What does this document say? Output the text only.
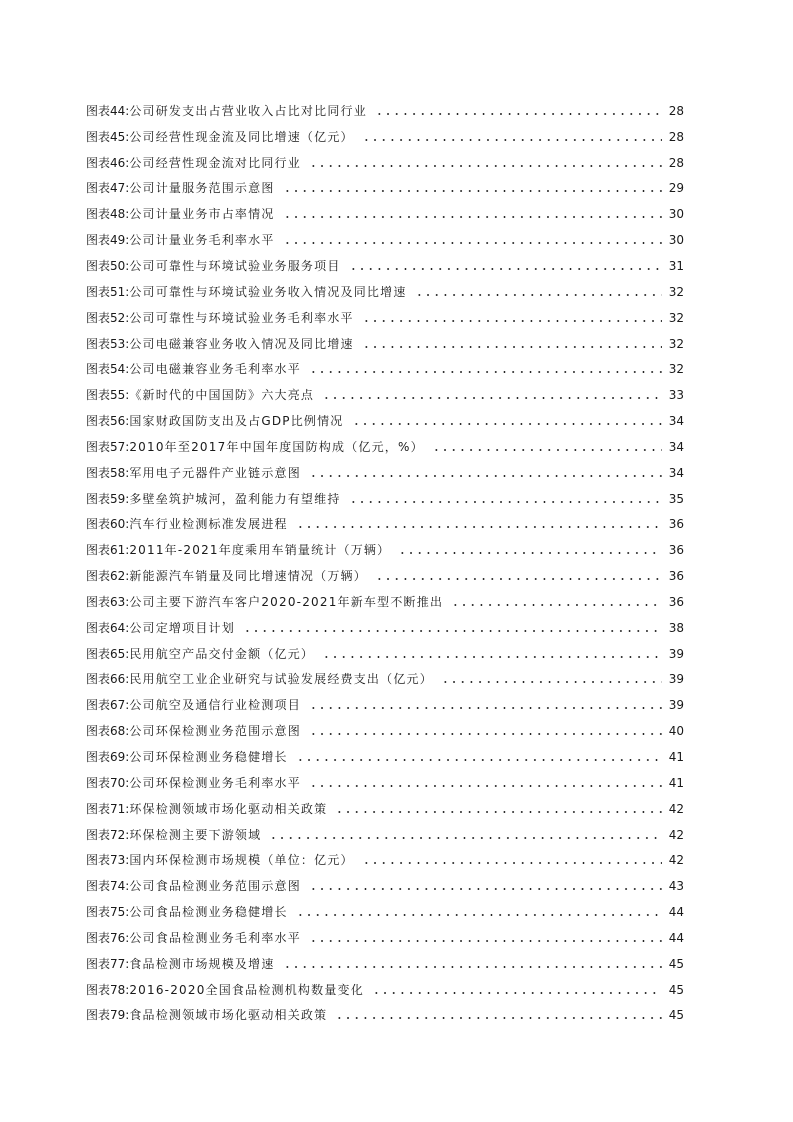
图表44: 公司研发支出占营业收入占比对比同行业	28
图表45: 公司经营性现金流及同比增速（亿元）	28
图表46: 公司经营性现金流对比同行业	28
图表47: 公司计量服务范围示意图	29
图表48: 公司计量业务市占率情况	30
图表49: 公司计量业务毛利率水平	30
图表50: 公司可靠性与环境试验业务服务项目	31
图表51: 公司可靠性与环境试验业务收入情况及同比增速	32
图表52: 公司可靠性与环境试验业务毛利率水平	32
图表53: 公司电磁兼容业务收入情况及同比增速	32
图表54: 公司电磁兼容业务毛利率水平	32
图表55: 《新时代的中国国防》六大亮点	33
图表56: 国家财政国防支出及占GDP比例情况	34
图表57: 2010年至2017年中国年度国防构成（亿元，%）	34
图表58: 军用电子元器件产业链示意图	34
图表59: 多壁垒筑护城河，盈利能力有望维持	35
图表60: 汽车行业检测标准发展进程	36
图表61: 2011年-2021年度乘用车销量统计（万辆）	36
图表62: 新能源汽车销量及同比增速情况（万辆）	36
图表63: 公司主要下游汽车客户2020-2021年新车型不断推出	36
图表64: 公司定增项目计划	38
图表65: 民用航空产品交付金额（亿元）	39
图表66: 民用航空工业企业研究与试验发展经费支出（亿元）	39
图表67: 公司航空及通信行业检测项目	39
图表68: 公司环保检测业务范围示意图	40
图表69: 公司环保检测业务稳健增长	41
图表70: 公司环保检测业务毛利率水平	41
图表71: 环保检测领域市场化驱动相关政策	42
图表72: 环保检测主要下游领域	42
图表73: 国内环保检测市场规模（单位：亿元）	42
图表74: 公司食品检测业务范围示意图	43
图表75: 公司食品检测业务稳健增长	44
图表76: 公司食品检测业务毛利率水平	44
图表77: 食品检测市场规模及增速	45
图表78: 2016-2020全国食品检测机构数量变化	45
图表79: 食品检测领域市场化驱动相关政策	45
